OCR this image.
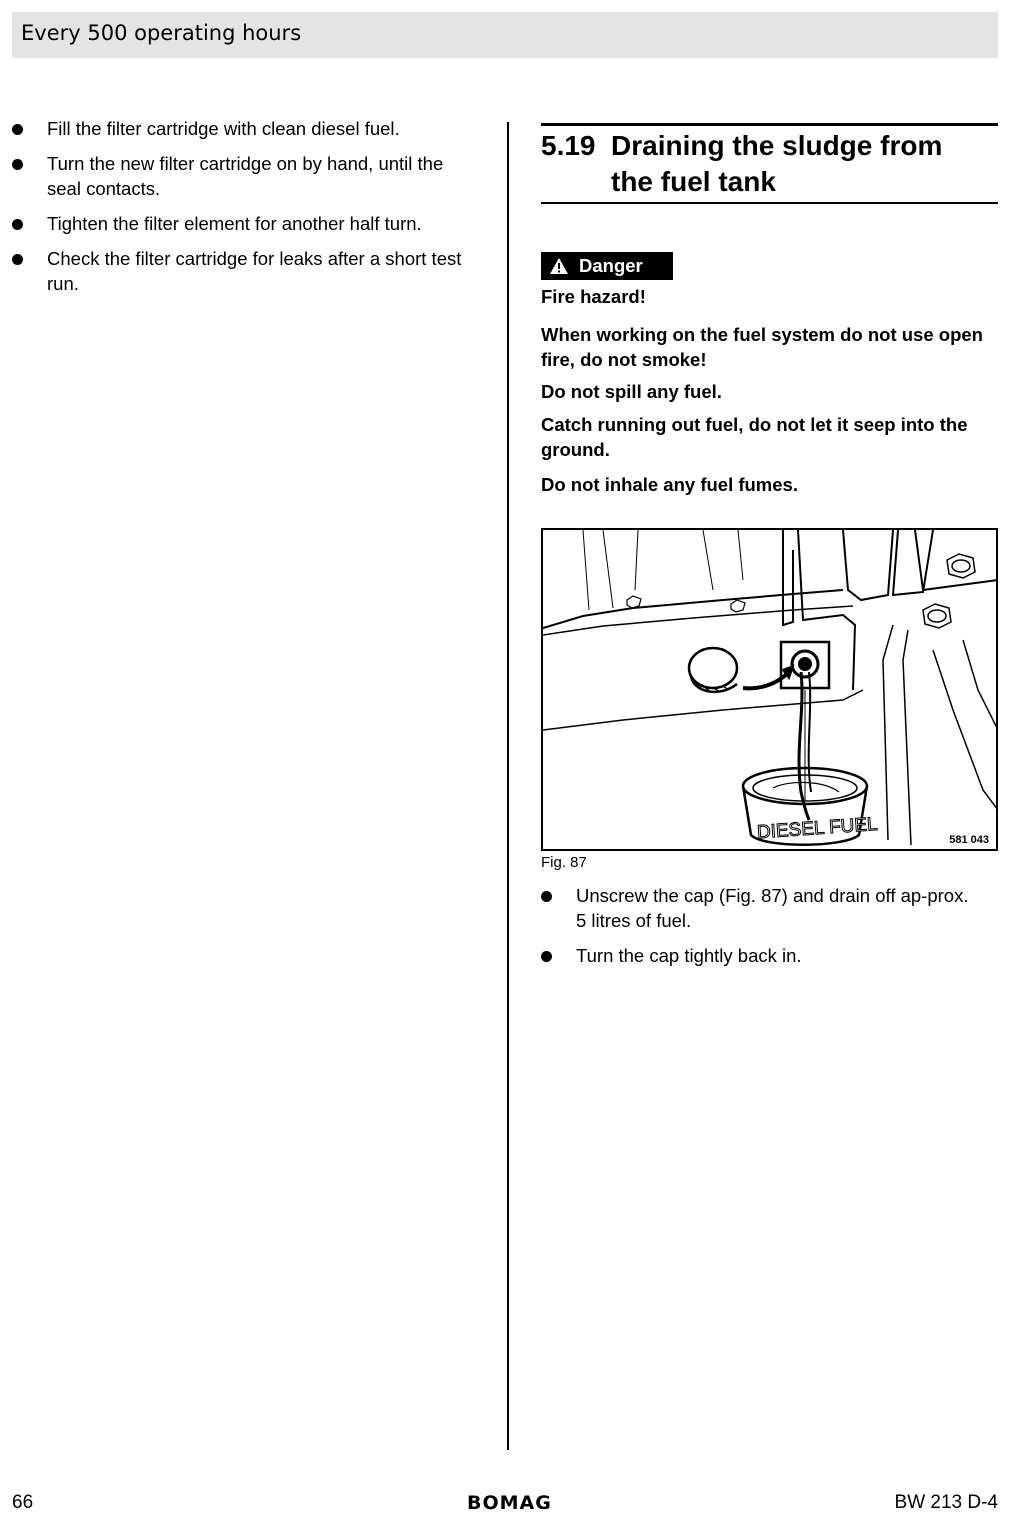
Every 500 operating hours
Fill the filter cartridge with clean diesel fuel.
Turn the new filter cartridge on by hand, until the seal contacts.
Tighten the filter element for another half turn.
Check the filter cartridge for leaks after a short test run.
5.19 Draining the sludge from the fuel tank
Danger

Fire hazard!

When working on the fuel system do not use open fire, do not smoke!

Do not spill any fuel.

Catch running out fuel, do not let it seep into the ground.

Do not inhale any fuel fumes.

DIESEL FUEL	581 043
Fig. 87
Unscrew the cap (Fig. 87) and drain off ap-prox. 5 litres of fuel.
Turn the cap tightly back in.
66	BOMAG	BW 213 D-4
